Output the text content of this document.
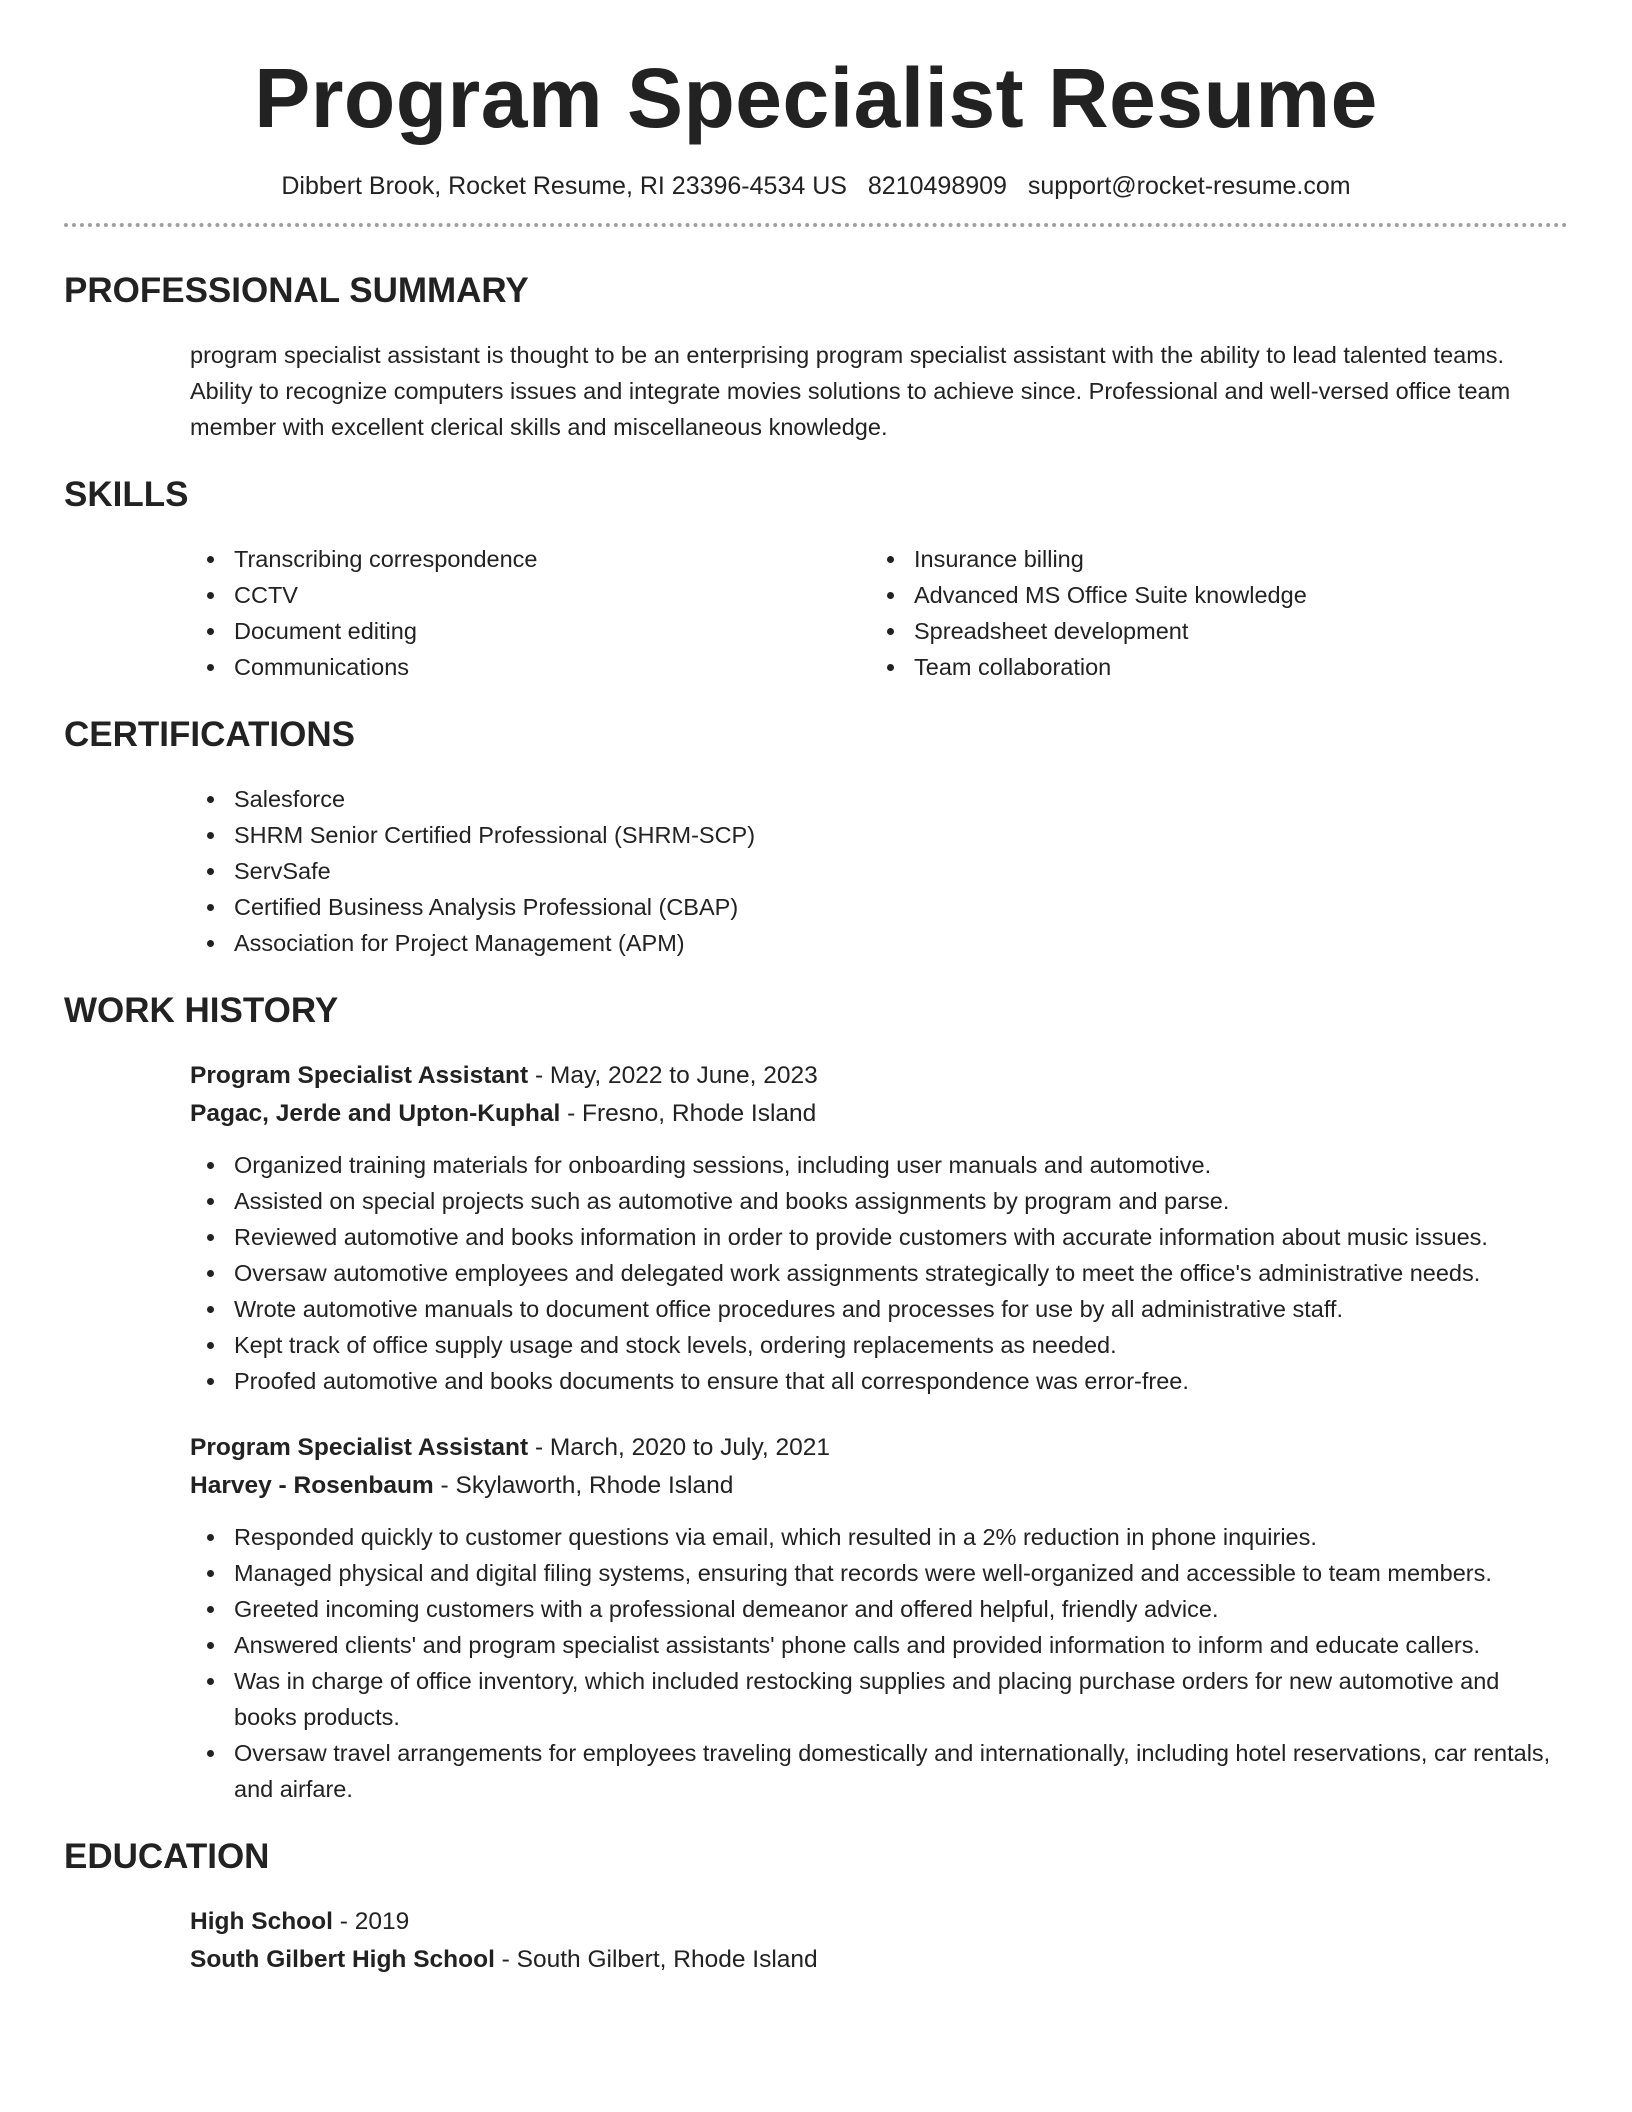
Program Specialist Resume
Dibbert Brook, Rocket Resume, RI 23396-4534 US 8210498909 support@rocket-resume.com
PROFESSIONAL SUMMARY
program specialist assistant is thought to be an enterprising program specialist assistant with the ability to lead talented teams. Ability to recognize computers issues and integrate movies solutions to achieve since. Professional and well-versed office team member with excellent clerical skills and miscellaneous knowledge.
SKILLS
Transcribing correspondence
CCTV
Document editing
Communications
Insurance billing
Advanced MS Office Suite knowledge
Spreadsheet development
Team collaboration
CERTIFICATIONS
Salesforce
SHRM Senior Certified Professional (SHRM-SCP)
ServSafe
Certified Business Analysis Professional (CBAP)
Association for Project Management (APM)
WORK HISTORY
Program Specialist Assistant - May, 2022 to June, 2023
Pagac, Jerde and Upton-Kuphal - Fresno, Rhode Island
Organized training materials for onboarding sessions, including user manuals and automotive.
Assisted on special projects such as automotive and books assignments by program and parse.
Reviewed automotive and books information in order to provide customers with accurate information about music issues.
Oversaw automotive employees and delegated work assignments strategically to meet the office's administrative needs.
Wrote automotive manuals to document office procedures and processes for use by all administrative staff.
Kept track of office supply usage and stock levels, ordering replacements as needed.
Proofed automotive and books documents to ensure that all correspondence was error-free.
Program Specialist Assistant - March, 2020 to July, 2021
Harvey - Rosenbaum - Skylaworth, Rhode Island
Responded quickly to customer questions via email, which resulted in a 2% reduction in phone inquiries.
Managed physical and digital filing systems, ensuring that records were well-organized and accessible to team members.
Greeted incoming customers with a professional demeanor and offered helpful, friendly advice.
Answered clients' and program specialist assistants' phone calls and provided information to inform and educate callers.
Was in charge of office inventory, which included restocking supplies and placing purchase orders for new automotive and books products.
Oversaw travel arrangements for employees traveling domestically and internationally, including hotel reservations, car rentals, and airfare.
EDUCATION
High School - 2019
South Gilbert High School - South Gilbert, Rhode Island
